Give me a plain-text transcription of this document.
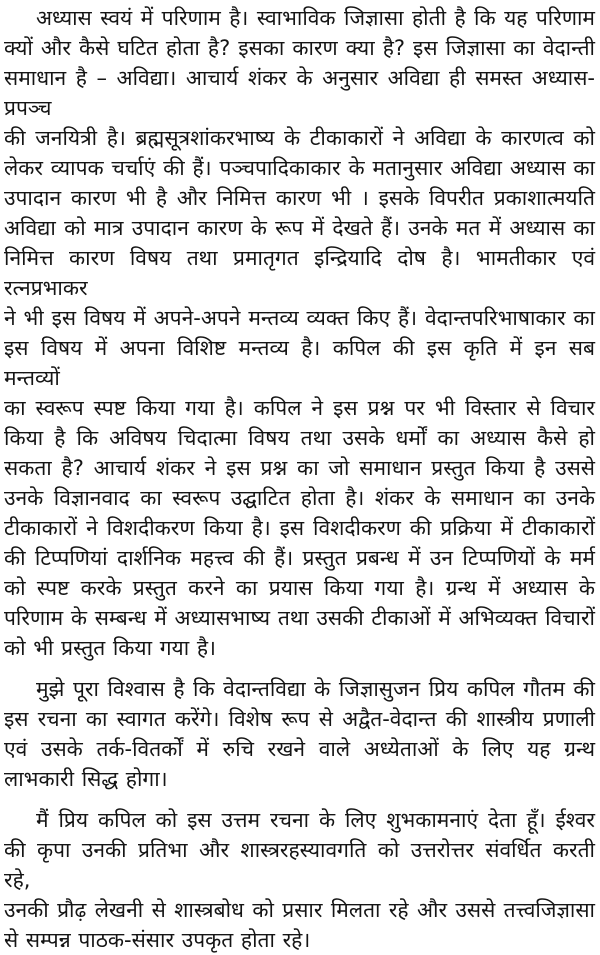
अध्यास स्वयं में परिणाम है। स्वाभाविक जिज्ञासा होती है कि यह परिणाम
क्यों और कैसे घटित होता है? इसका कारण क्या है? इस जिज्ञासा का वेदान्ती
समाधान है – अविद्या। आचार्य शंकर के अनुसार अविद्या ही समस्त अध्यास-प्रपञ्च
की जनयित्री है। ब्रह्मसूत्रशांकरभाष्य के टीकाकारों ने अविद्या के कारणत्व को
लेकर व्यापक चर्चाएं की हैं। पञ्चपादिकाकार के मतानुसार अविद्या अध्यास का
उपादान कारण भी है और निमित्त कारण भी । इसके विपरीत प्रकाशात्मयति
अविद्या को मात्र उपादान कारण के रूप में देखते हैं। उनके मत में अध्यास का
निमित्त कारण विषय तथा प्रमातृगत इन्द्रियादि दोष है। भामतीकार एवं रत्नप्रभाकर
ने भी इस विषय में अपने-अपने मन्तव्य व्यक्त किए हैं। वेदान्तपरिभाषाकार का
इस विषय में अपना विशिष्ट मन्तव्य है। कपिल की इस कृति में इन सब मन्तव्यों
का स्वरूप स्पष्ट किया गया है। कपिल ने इस प्रश्न पर भी विस्तार से विचार
किया है कि अविषय चिदात्मा विषय तथा उसके धर्मों का अध्यास कैसे हो
सकता है? आचार्य शंकर ने इस प्रश्न का जो समाधान प्रस्तुत किया है उससे
उनके विज्ञानवाद का स्वरूप उद्घाटित होता है। शंकर के समाधान का उनके
टीकाकारों ने विशदीकरण किया है। इस विशदीकरण की प्रक्रिया में टीकाकारों
की टिप्पणियां दार्शनिक महत्त्व की हैं। प्रस्तुत प्रबन्ध में उन टिप्पणियों के मर्म
को स्पष्ट करके प्रस्तुत करने का प्रयास किया गया है। ग्रन्थ में अध्यास के
परिणाम के सम्बन्ध में अध्यासभाष्य तथा उसकी टीकाओं में अभिव्यक्त विचारों
को भी प्रस्तुत किया गया है।
मुझे पूरा विश्वास है कि वेदान्तविद्या के जिज्ञासुजन प्रिय कपिल गौतम की
इस रचना का स्वागत करेंगे। विशेष रूप से अद्वैत-वेदान्त की शास्त्रीय प्रणाली
एवं उसके तर्क-वितर्कों में रुचि रखने वाले अध्येताओं के लिए यह ग्रन्थ
लाभकारी सिद्ध होगा।
मैं प्रिय कपिल को इस उत्तम रचना के लिए शुभकामनाएं देता हूँ। ईश्वर
की कृपा उनकी प्रतिभा और शास्त्ररहस्यावगति को उत्तरोत्तर संवर्धित करती रहे,
उनकी प्रौढ़ लेखनी से शास्त्रबोध को प्रसार मिलता रहे और उससे तत्त्वजिज्ञासा
से सम्पन्न पाठक-संसार उपकृत होता रहे।
